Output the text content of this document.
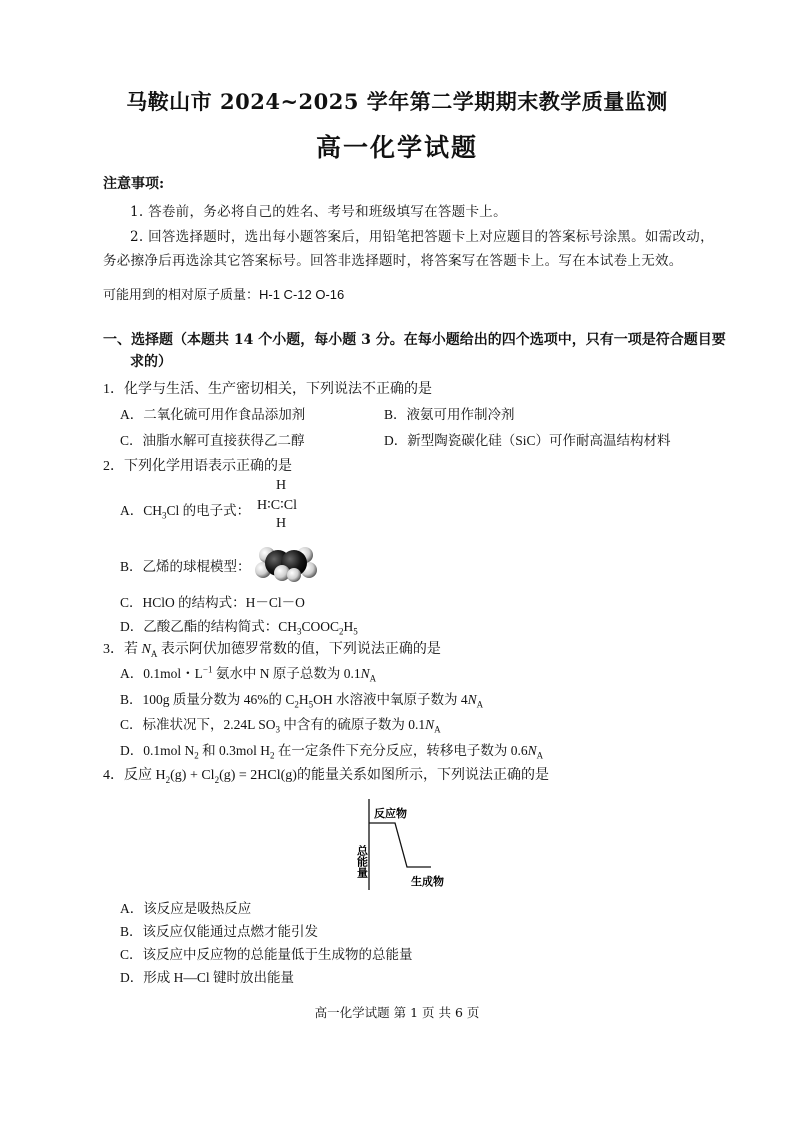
马鞍山市 2024~2025 学年第二学期期末教学质量监测
高一化学试题
注意事项:
1. 答卷前，务必将自己的姓名、考号和班级填写在答题卡上。
2. 回答选择题时，选出每小题答案后，用铅笔把答题卡上对应题目的答案标号涂黑。如需改动，
务必擦净后再选涂其它答案标号。回答非选择题时，将答案写在答题卡上。写在本试卷上无效。
可能用到的相对原子质量：H-1 C-12 O-16
一、选择题（本题共 14 个小题，每小题 3 分。在每小题给出的四个选项中，只有一项是符合题目要
求的）
1．化学与生活、生产密切相关，下列说法不正确的是
A．二氧化硫可用作食品添加剂	B．液氨可用作制冷剂
C．油脂水解可直接获得乙二醇	D．新型陶瓷碳化硅（SiC）可作耐高温结构材料
2．下列化学用语表示正确的是
A．$CH_3Cl$ 的电子式：
H
H∶C∶Cl
H
B．乙烯的球棍模型：
C．HClO 的结构式：H－Cl－O
D．乙酸乙酯的结构简式：$CH_3COOC_2H_5$
3．若 $N_A$ 表示阿伏加德罗常数的值，下列说法正确的是
A．0.1mol・$L^{-1}$ 氨水中 N 原子总数为 $0.1N_A$
B．100g 质量分数为 46%的 $C_2H_5OH$ 水溶液中氧原子数为 $4N_A$
C．标准状况下，2.24L $SO_3$ 中含有的硫原子数为 $0.1N_A$
D．0.1mol $N_2$ 和 0.3mol $H_2$ 在一定条件下充分反应，转移电子数为 $0.6N_A$
4．反应 $H_2(g) + Cl_2(g) = 2HCl(g)$的能量关系如图所示，下列说法正确的是
总能量
反应物
生成物
A．该反应是吸热反应
B．该反应仅能通过点燃才能引发
C．该反应中反应物的总能量低于生成物的总能量
D．形成 H—Cl 键时放出能量
高一化学试题 第 1 页 共 6 页
